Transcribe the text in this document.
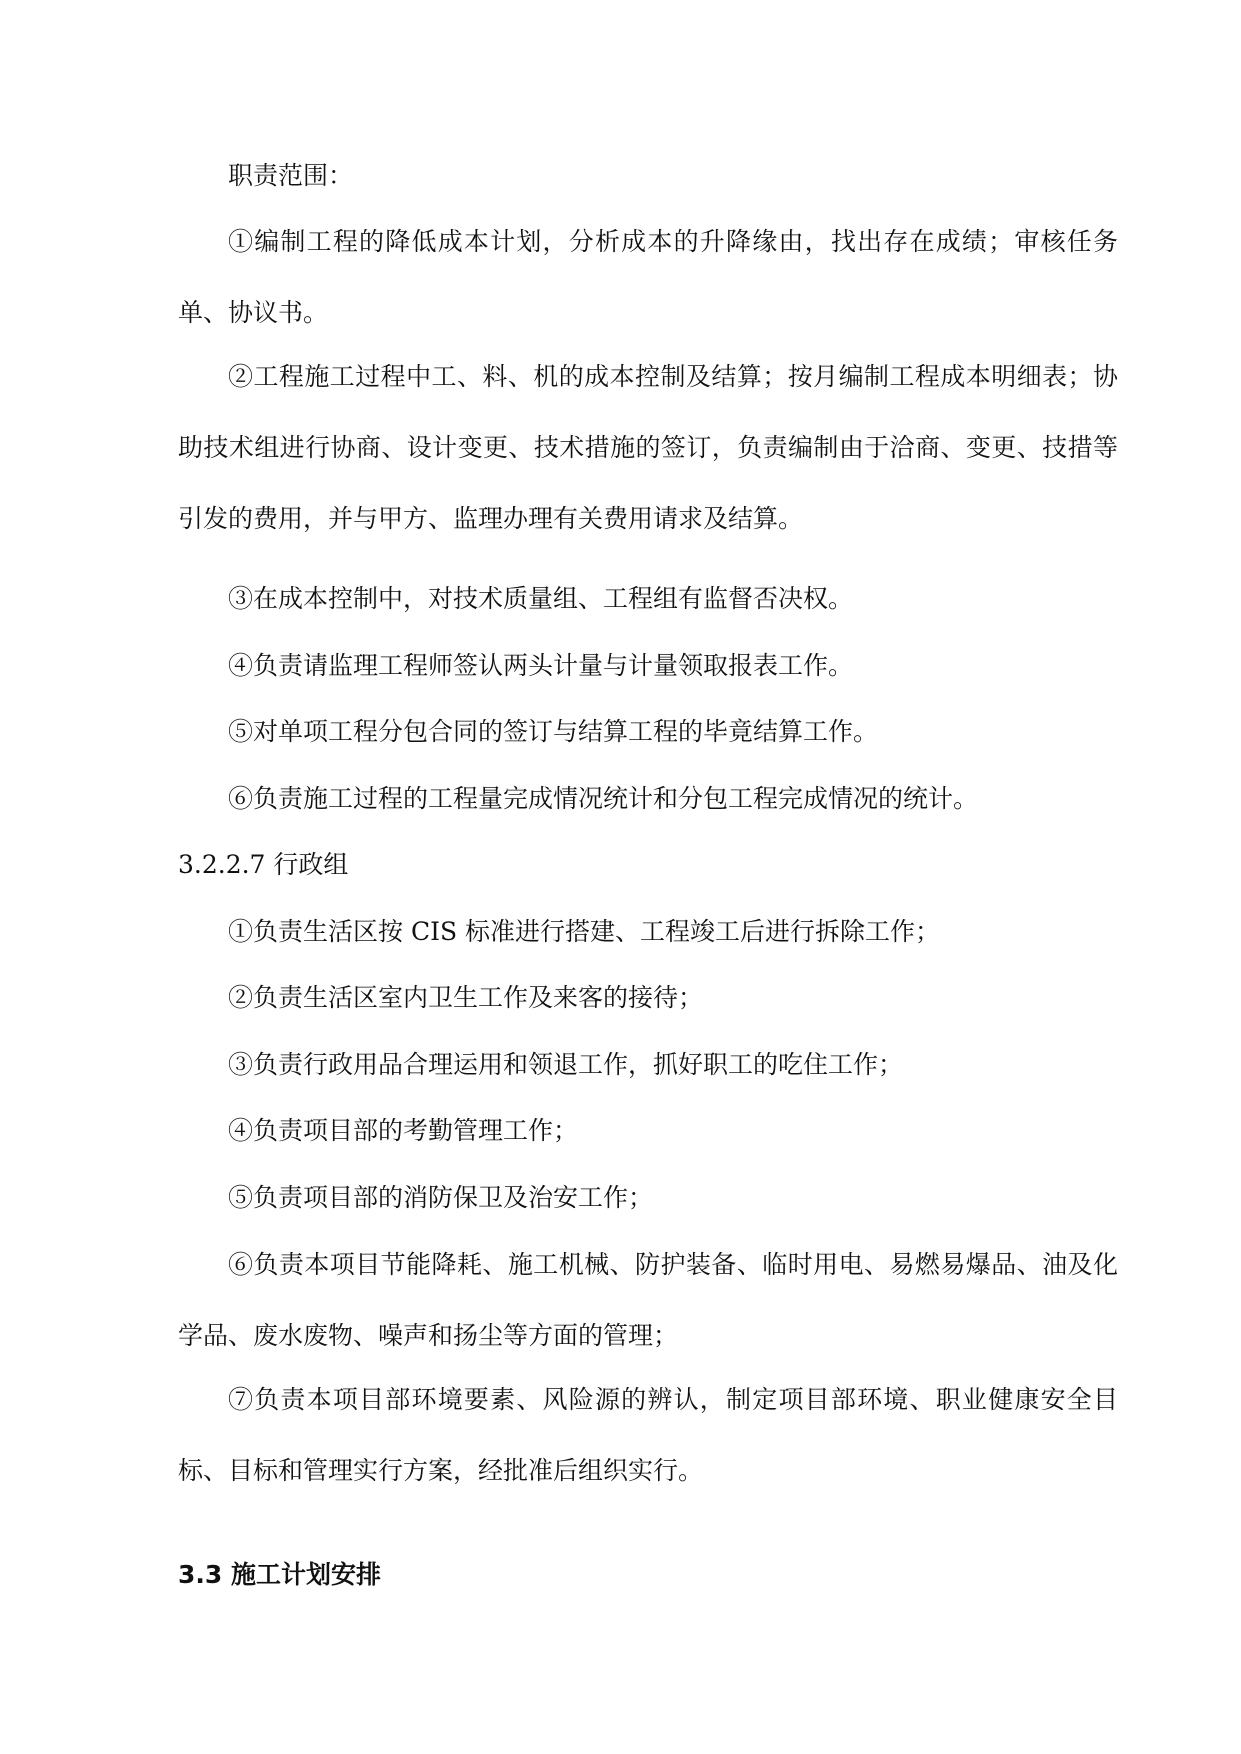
职责范围：

①编制工程的降低成本计划，分析成本的升降缘由，找出存在成绩；审核任务单、协议书。

②工程施工过程中工、料、机的成本控制及结算；按月编制工程成本明细表；协助技术组进行协商、设计变更、技术措施的签订，负责编制由于洽商、变更、技措等引发的费用，并与甲方、监理办理有关费用请求及结算。

③在成本控制中，对技术质量组、工程组有监督否决权。

④负责请监理工程师签认两头计量与计量领取报表工作。

⑤对单项工程分包合同的签订与结算工程的毕竟结算工作。

⑥负责施工过程的工程量完成情况统计和分包工程完成情况的统计。

3.2.2.7 行政组

①负责生活区按 CIS 标准进行搭建、工程竣工后进行拆除工作；

②负责生活区室内卫生工作及来客的接待；

③负责行政用品合理运用和领退工作，抓好职工的吃住工作；

④负责项目部的考勤管理工作；

⑤负责项目部的消防保卫及治安工作；

⑥负责本项目节能降耗、施工机械、防护装备、临时用电、易燃易爆品、油及化学品、废水废物、噪声和扬尘等方面的管理；

⑦负责本项目部环境要素、风险源的辨认，制定项目部环境、职业健康安全目标、目标和管理实行方案，经批准后组织实行。

3.3 施工计划安排
